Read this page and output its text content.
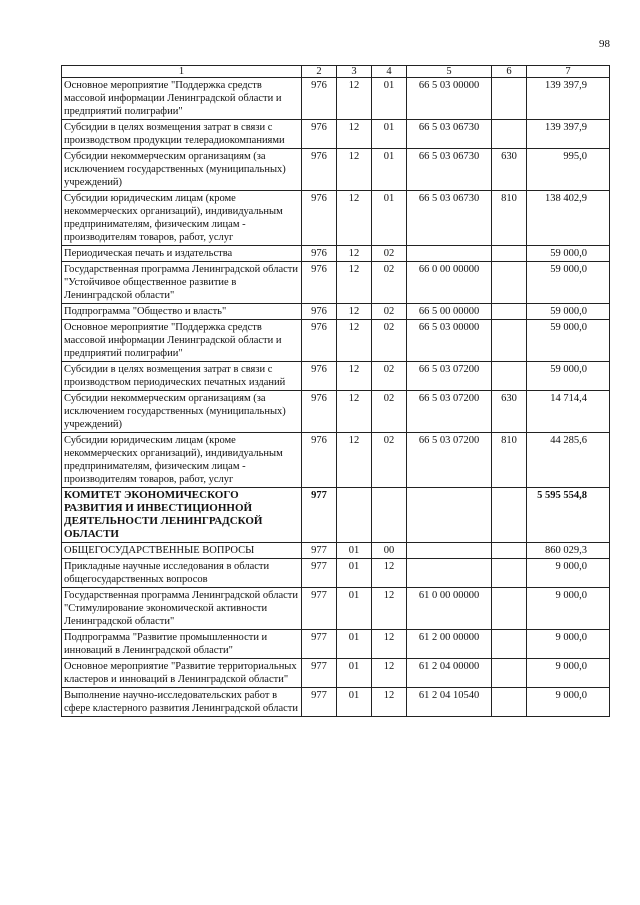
98
1	2	3	4	5	6	7
Основное мероприятие "Поддержка средств массовой информации Ленинградской области и предприятий полиграфии"	976	12	01	66 5 03 00000		139 397,9
Субсидии в целях возмещения затрат в связи с производством продукции телерадиокомпаниями	976	12	01	66 5 03 06730		139 397,9
Субсидии некоммерческим организациям (за исключением государственных (муниципальных) учреждений)	976	12	01	66 5 03 06730	630	995,0
Субсидии юридическим лицам (кроме некоммерческих организаций), индивидуальным предпринимателям, физическим лицам - производителям товаров, работ, услуг	976	12	01	66 5 03 06730	810	138 402,9
Периодическая печать и издательства	976	12	02			59 000,0
Государственная программа Ленинградской области "Устойчивое общественное развитие в Ленинградской области"	976	12	02	66 0 00 00000		59 000,0
Подпрограмма "Общество и власть"	976	12	02	66 5 00 00000		59 000,0
Основное мероприятие "Поддержка средств массовой информации Ленинградской области и предприятий полиграфии"	976	12	02	66 5 03 00000		59 000,0
Субсидии в целях возмещения затрат в связи с производством периодических печатных изданий	976	12	02	66 5 03 07200		59 000,0
Субсидии некоммерческим организациям (за исключением государственных (муниципальных) учреждений)	976	12	02	66 5 03 07200	630	14 714,4
Субсидии юридическим лицам (кроме некоммерческих организаций), индивидуальным предпринимателям, физическим лицам - производителям товаров, работ, услуг	976	12	02	66 5 03 07200	810	44 285,6
КОМИТЕТ ЭКОНОМИЧЕСКОГО РАЗВИТИЯ И ИНВЕСТИЦИОННОЙ ДЕЯТЕЛЬНОСТИ ЛЕНИНГРАДСКОЙ ОБЛАСТИ	977					5 595 554,8
ОБЩЕГОСУДАРСТВЕННЫЕ ВОПРОСЫ	977	01	00			860 029,3
Прикладные научные исследования в области общегосударственных вопросов	977	01	12			9 000,0
Государственная программа Ленинградской области "Стимулирование экономической активности Ленинградской области"	977	01	12	61 0 00 00000		9 000,0
Подпрограмма "Развитие промышленности и инноваций в Ленинградской области"	977	01	12	61 2 00 00000		9 000,0
Основное мероприятие "Развитие территориальных кластеров и инноваций в Ленинградской области"	977	01	12	61 2 04 00000		9 000,0
Выполнение научно-исследовательских работ в сфере кластерного развития Ленинградской области	977	01	12	61 2 04 10540		9 000,0
